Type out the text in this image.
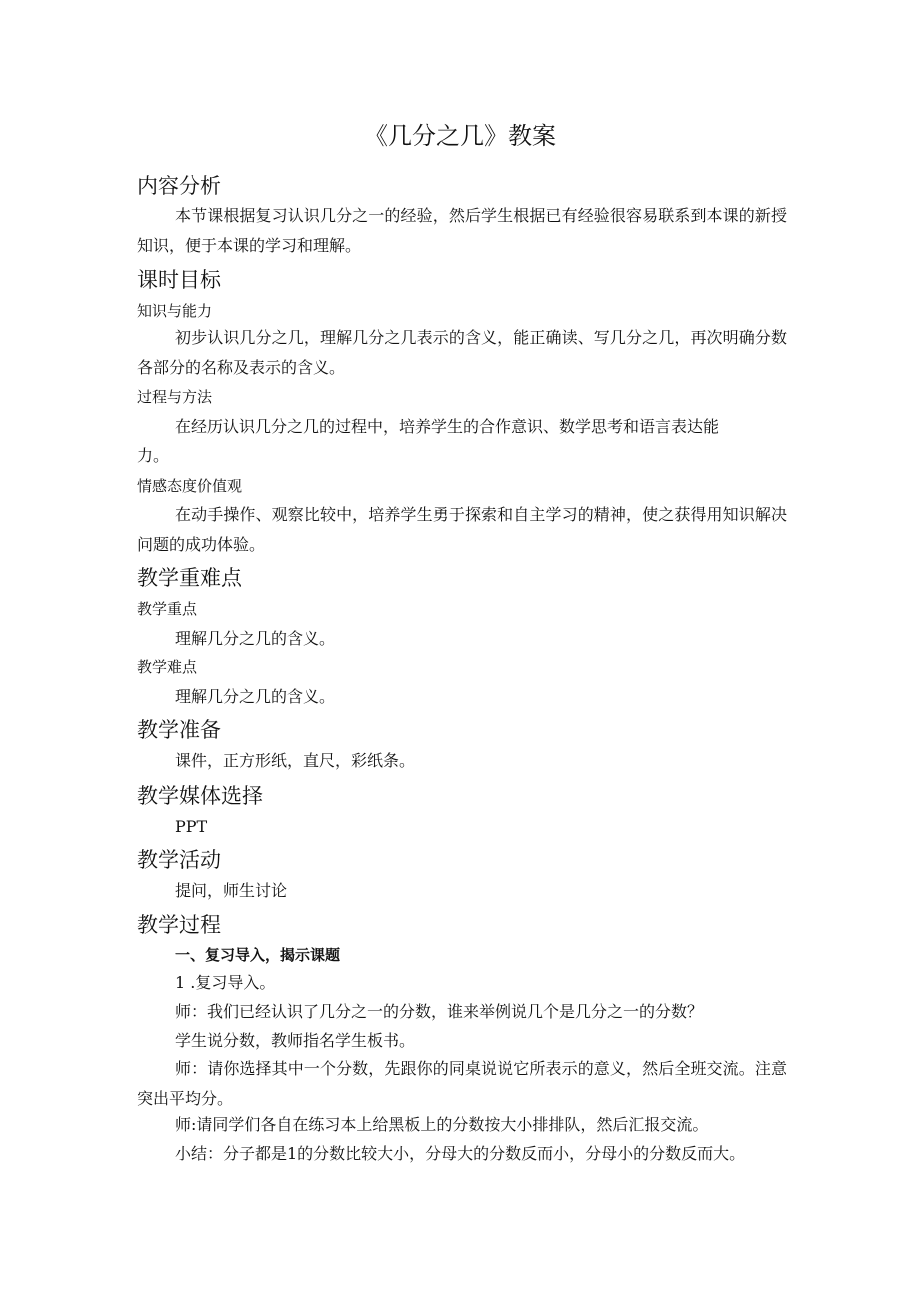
《几分之几》教案
内容分析
本节课根据复习认识几分之一的经验，然后学生根据已有经验很容易联系到本课的新授知识，便于本课的学习和理解。
课时目标
知识与能力
初步认识几分之几，理解几分之几表示的含义，能正确读、写几分之几，再次明确分数各部分的名称及表示的含义。
过程与方法
在经历认识几分之几的过程中，培养学生的合作意识、数学思考和语言表达能
力。
情感态度价值观
在动手操作、观察比较中，培养学生勇于探索和自主学习的精神，使之获得用知识解决问题的成功体验。
教学重难点
教学重点
理解几分之几的含义。
教学难点
理解几分之几的含义。
教学准备
课件，正方形纸，直尺，彩纸条。
教学媒体选择
PPT
教学活动
提问，师生讨论
教学过程
一、复习导入，揭示课题
1 .复习导入。
师：我们已经认识了几分之一的分数，谁来举例说几个是几分之一的分数？
学生说分数，教师指名学生板书。
师：请你选择其中一个分数，先跟你的同桌说说它所表示的意义，然后全班交流。注意突出平均分。
师:请同学们各自在练习本上给黑板上的分数按大小排排队，然后汇报交流。
小结：分子都是1的分数比较大小，分母大的分数反而小，分母小的分数反而大。
